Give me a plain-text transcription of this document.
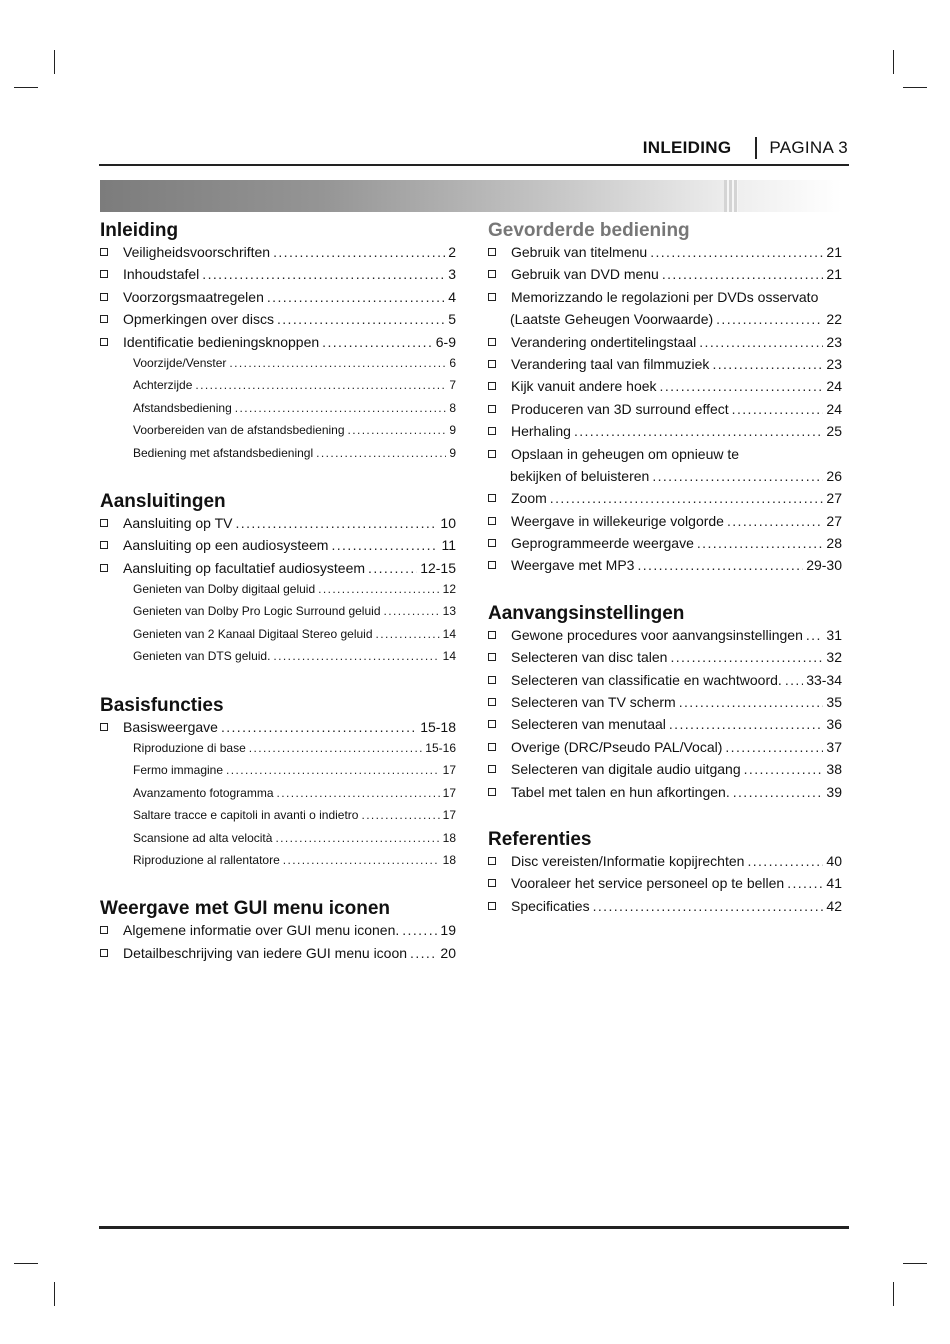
INLEIDING PAGINA 3
Inleiding
Veiligheidsvoorschriften .....	2
Inhoudstafel .....	3
Voorzorgsmaatregelen .....	4
Opmerkingen over discs .....	5
Identificatie bedieningsknoppen .....	6-9
Voorzijde/Venster .....	6
Achterzijde .....	7
Afstandsbediening .....	8
Voorbereiden van de afstandsbediening .....	9
Bediening met afstandsbedieningl .....	9
Aansluitingen
Aansluiting op TV .....	10
Aansluiting op een audiosysteem .....	11
Aansluiting op facultatief audiosysteem .....	12-15
Genieten van Dolby digitaal geluid .....	12
Genieten van Dolby Pro Logic Surround geluid .....	13
Genieten van 2 Kanaal Digitaal Stereo geluid .....	14
Genieten van DTS geluid. .....	14
Basisfuncties
Basisweergave .....	15-18
Riproduzione di base .....	15-16
Fermo immagine .....	17
Avanzamento fotogramma .....	17
Saltare tracce e capitoli in avanti o indietro .....	17
Scansione ad alta velocità .....	18
Riproduzione al rallentatore .....	18
Weergave met GUI menu iconen
Algemene informatie over GUI menu iconen. .....	19
Detailbeschrijving van iedere GUI menu icoon ..... 20
Gevorderde bediening
Gebruik van titelmenu .....	21
Gebruik van DVD menu .....	21
Memorizzando le regolazioni per DVDs osservato
(Laatste Geheugen Voorwaarde) .....	22
Verandering ondertitelingstaal .....	23
Verandering taal van filmmuziek .....	23
Kijk vanuit andere hoek .....	24
Produceren van 3D surround effect .....	24
Herhaling .....	25
Opslaan in geheugen om opnieuw te
bekijken of beluisteren .....	26
Zoom .....	27
Weergave in willekeurige volgorde .....	27
Geprogrammeerde weergave .....	28
Weergave met MP3 .....	29-30
Aanvangsinstellingen
Gewone procedures voor aanvangsinstellingen ..... 31
Selecteren van disc talen .....	32
Selecteren van classificatie en wachtwoord. ..... 33-34
Selecteren van TV scherm .....	35
Selecteren van menutaal .....	36
Overige (DRC/Pseudo PAL/Vocal) .....	37
Selecteren van digitale audio uitgang .....	38
Tabel met talen en hun afkortingen. .....	39
Referenties
Disc vereisten/Informatie kopijrechten .....	40
Vooraleer het service personeel op te bellen .....	41
Specificaties .....	42
